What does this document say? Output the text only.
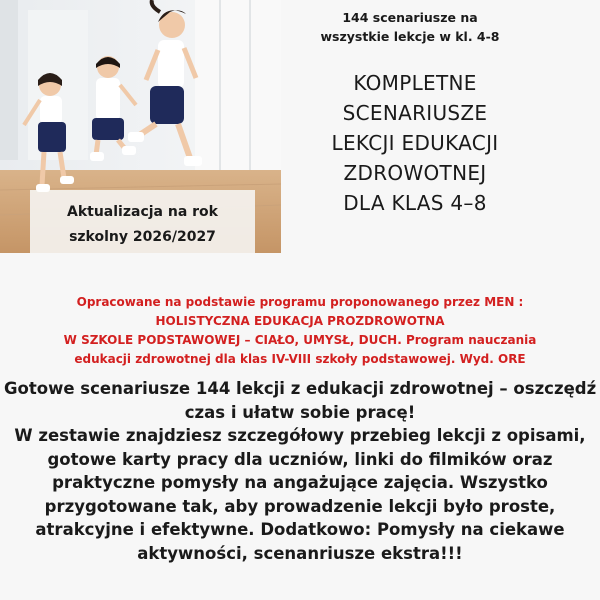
Aktualizacja na rok
szkolny 2026/2027
144 scenariusze na
wszystkie lekcje w kl. 4-8
KOMPLETNE
SCENARIUSZE
LEKCJI EDUKACJI
ZDROWOTNEJ
DLA KLAS 4–8
Opracowane na podstawie programu proponowanego przez MEN :
HOLISTYCZNA EDUKACJA PROZDROWOTNA
W SZKOLE PODSTAWOWEJ – CIAŁO, UMYSŁ, DUCH. Program nauczania
edukacji zdrowotnej dla klas IV-VIII szkoły podstawowej. Wyd. ORE
Gotowe scenariusze 144 lekcji z edukacji zdrowotnej – oszczędź
czas i ułatw sobie pracę!
W zestawie znajdziesz szczegółowy przebieg lekcji z opisami,
gotowe karty pracy dla uczniów, linki do filmików oraz
praktyczne pomysły na angażujące zajęcia. Wszystko
przygotowane tak, aby prowadzenie lekcji było proste,
atrakcyjne i efektywne. Dodatkowo: Pomysły na ciekawe
aktywności, scenanriusze ekstra!!!
